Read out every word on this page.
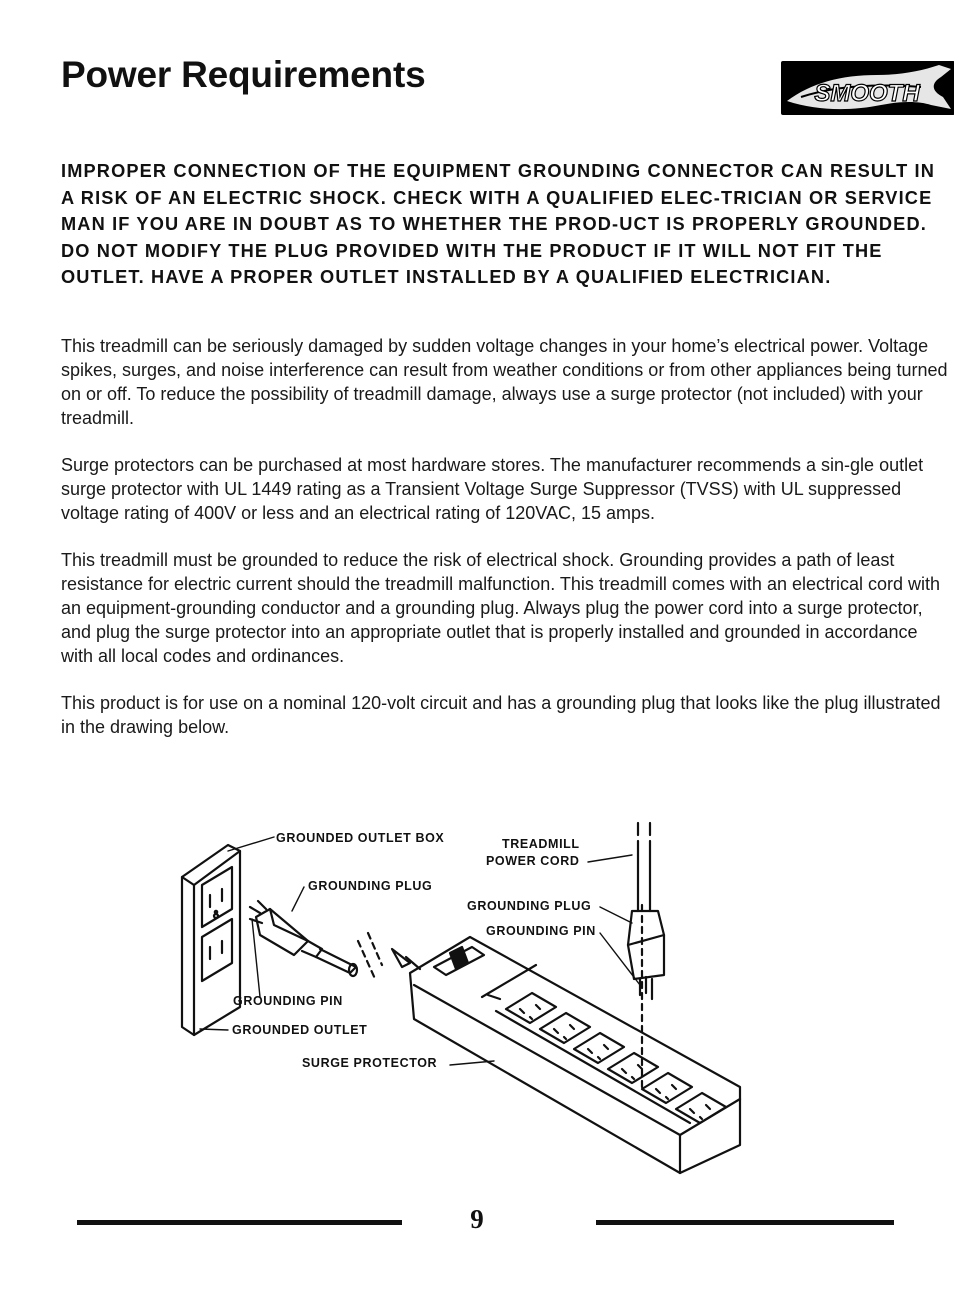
Power Requirements	SMOOTH

IMPROPER CONNECTION OF THE EQUIPMENT GROUNDING CONNECTOR CAN RESULT IN A RISK OF AN ELECTRIC SHOCK. CHECK WITH A QUALIFIED ELEC-TRICIAN OR SERVICE MAN IF YOU ARE IN DOUBT AS TO WHETHER THE PROD-UCT IS PROPERLY GROUNDED. DO NOT MODIFY THE PLUG PROVIDED WITH THE PRODUCT IF IT WILL NOT FIT THE OUTLET. HAVE A PROPER OUTLET INSTALLED BY A QUALIFIED ELECTRICIAN.

This treadmill can be seriously damaged by sudden voltage changes in your home’s electrical power. Voltage spikes, surges, and noise interference can result from weather conditions or from other appliances being turned on or off. To reduce the possibility of treadmill damage, always use a surge protector (not included) with your treadmill.

Surge protectors can be purchased at most hardware stores. The manufacturer recommends a sin-gle outlet surge protector with UL 1449 rating as a Transient Voltage Surge Suppressor (TVSS) with UL suppressed voltage rating of 400V or less and an electrical rating of 120VAC, 15 amps.

This treadmill must be grounded to reduce the risk of electrical shock. Grounding provides a path of least resistance for electric current should the treadmill malfunction. This treadmill comes with an electrical cord with an equipment-grounding conductor and a grounding plug. Always plug the power cord into a surge protector, and plug the surge protector into an appropriate outlet that is properly installed and grounded in accordance with all local codes and ordinances.

This product is for use on a nominal 120-volt circuit and has a grounding plug that looks like the plug illustrated in the drawing below.

GROUNDED OUTLET BOX
GROUNDING PLUG
GROUNDING PIN
GROUNDED OUTLET
SURGE PROTECTOR
TREADMILL
POWER CORD
GROUNDING PLUG
GROUNDING PIN
9
